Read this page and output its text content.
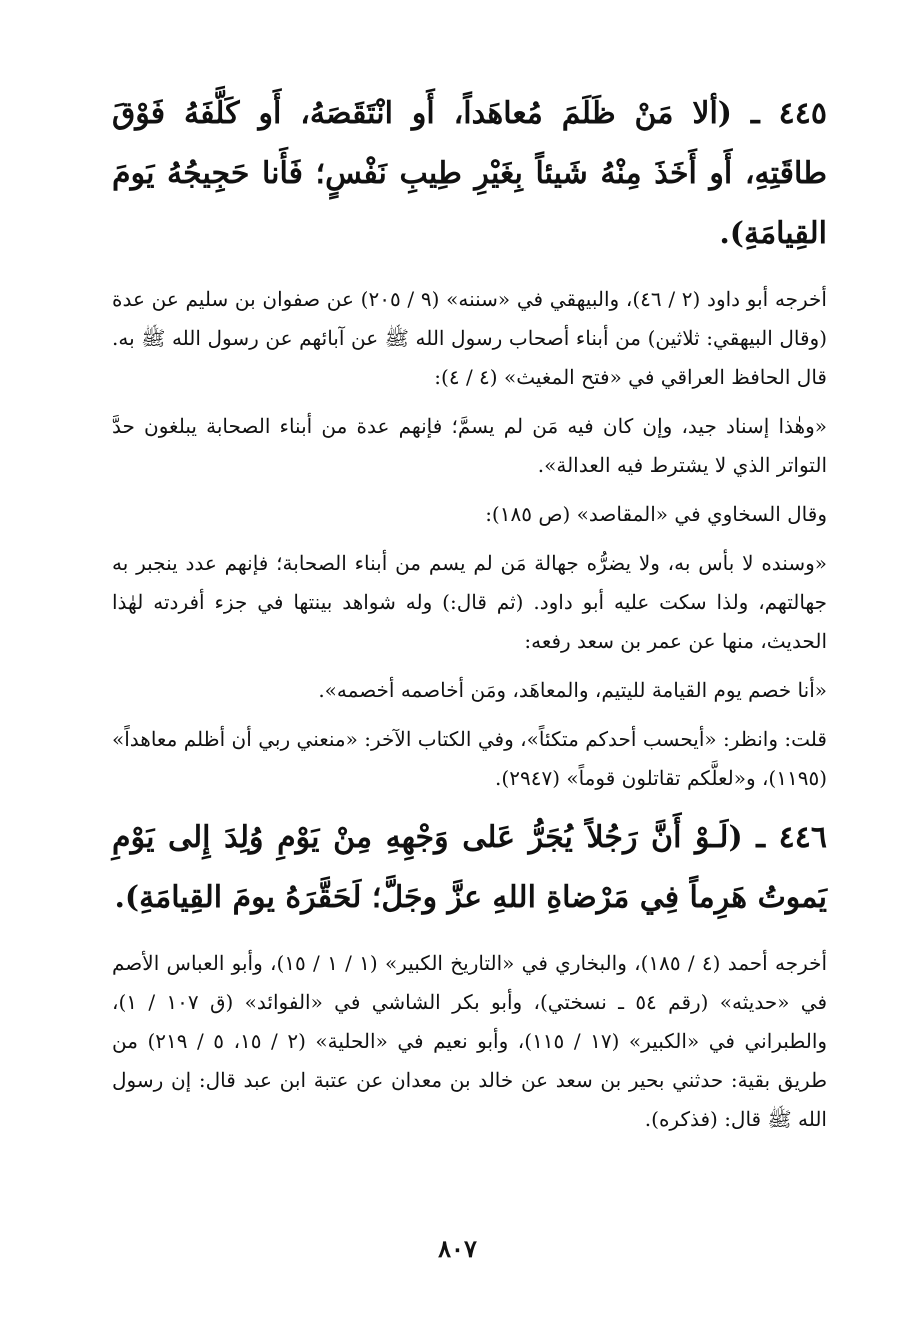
٤٤٥ ـ (ألا مَنْ ظَلَمَ مُعاهَداً، أَو انْتَقَصَهُ، أَو كَلَّفَهُ فَوْقَ طاقَتِهِ، أَو أَخَذَ مِنْهُ شَيئاً بِغَيْرِ طِيبِ نَفْسٍ؛ فَأَنا حَجِيجُهُ يَومَ القِيامَةِ).

أخرجه أبو داود (٢ / ٤٦)، والبيهقي في «سننه» (٩ / ٢٠٥) عن صفوان بن سليم عن عدة (وقال البيهقي: ثلاثين) من أبناء أصحاب رسول الله ﷺ عن آبائهم عن رسول الله ﷺ به. قال الحافظ العراقي في «فتح المغيث» (٤ / ٤):

«وهٰذا إسناد جيد، وإن كان فيه مَن لم يسمَّ؛ فإنهم عدة من أبناء الصحابة يبلغون حدَّ التواتر الذي لا يشترط فيه العدالة».

وقال السخاوي في «المقاصد» (ص ١٨٥):

«وسنده لا بأس به، ولا يضرُّه جهالة مَن لم يسم من أبناء الصحابة؛ فإنهم عدد ينجبر به جهالتهم، ولذا سكت عليه أبو داود. (ثم قال:) وله شواهد بينتها في جزء أفردته لهٰذا الحديث، منها عن عمر بن سعد رفعه:

«أنا خصم يوم القيامة لليتيم، والمعاهَد، ومَن أخاصمه أخصمه».

قلت: وانظر: «أيحسب أحدكم متكئاً»، وفي الكتاب الآخر: «منعني ربي أن أظلم معاهداً» (١١٩٥)، و«لعلَّكم تقاتلون قوماً» (٢٩٤٧).

٤٤٦ ـ (لَـوْ أَنَّ رَجُلاً يُجَرُّ عَلى وَجْهِهِ مِنْ يَوْمِ وُلِدَ إِلى يَوْمِ يَموتُ هَرِماً فِي مَرْضاةِ اللهِ عزَّ وجَلَّ؛ لَحَقَّرَهُ يومَ القِيامَةِ).

أخرجه أحمد (٤ / ١٨٥)، والبخاري في «التاريخ الكبير» (١ / ١ / ١٥)، وأبو العباس الأصم في «حديثه» (رقم ٥٤ ـ نسختي)، وأبو بكر الشاشي في «الفوائد» (ق ١٠٧ / ١)، والطبراني في «الكبير» (١٧ / ١١٥)، وأبو نعيم في «الحلية» (٢ / ١٥، ٥ / ٢١٩) من طريق بقية: حدثني بحير بن سعد عن خالد بن معدان عن عتبة ابن عبد قال: إن رسول الله ﷺ قال: (فذكره).

٨٠٧
